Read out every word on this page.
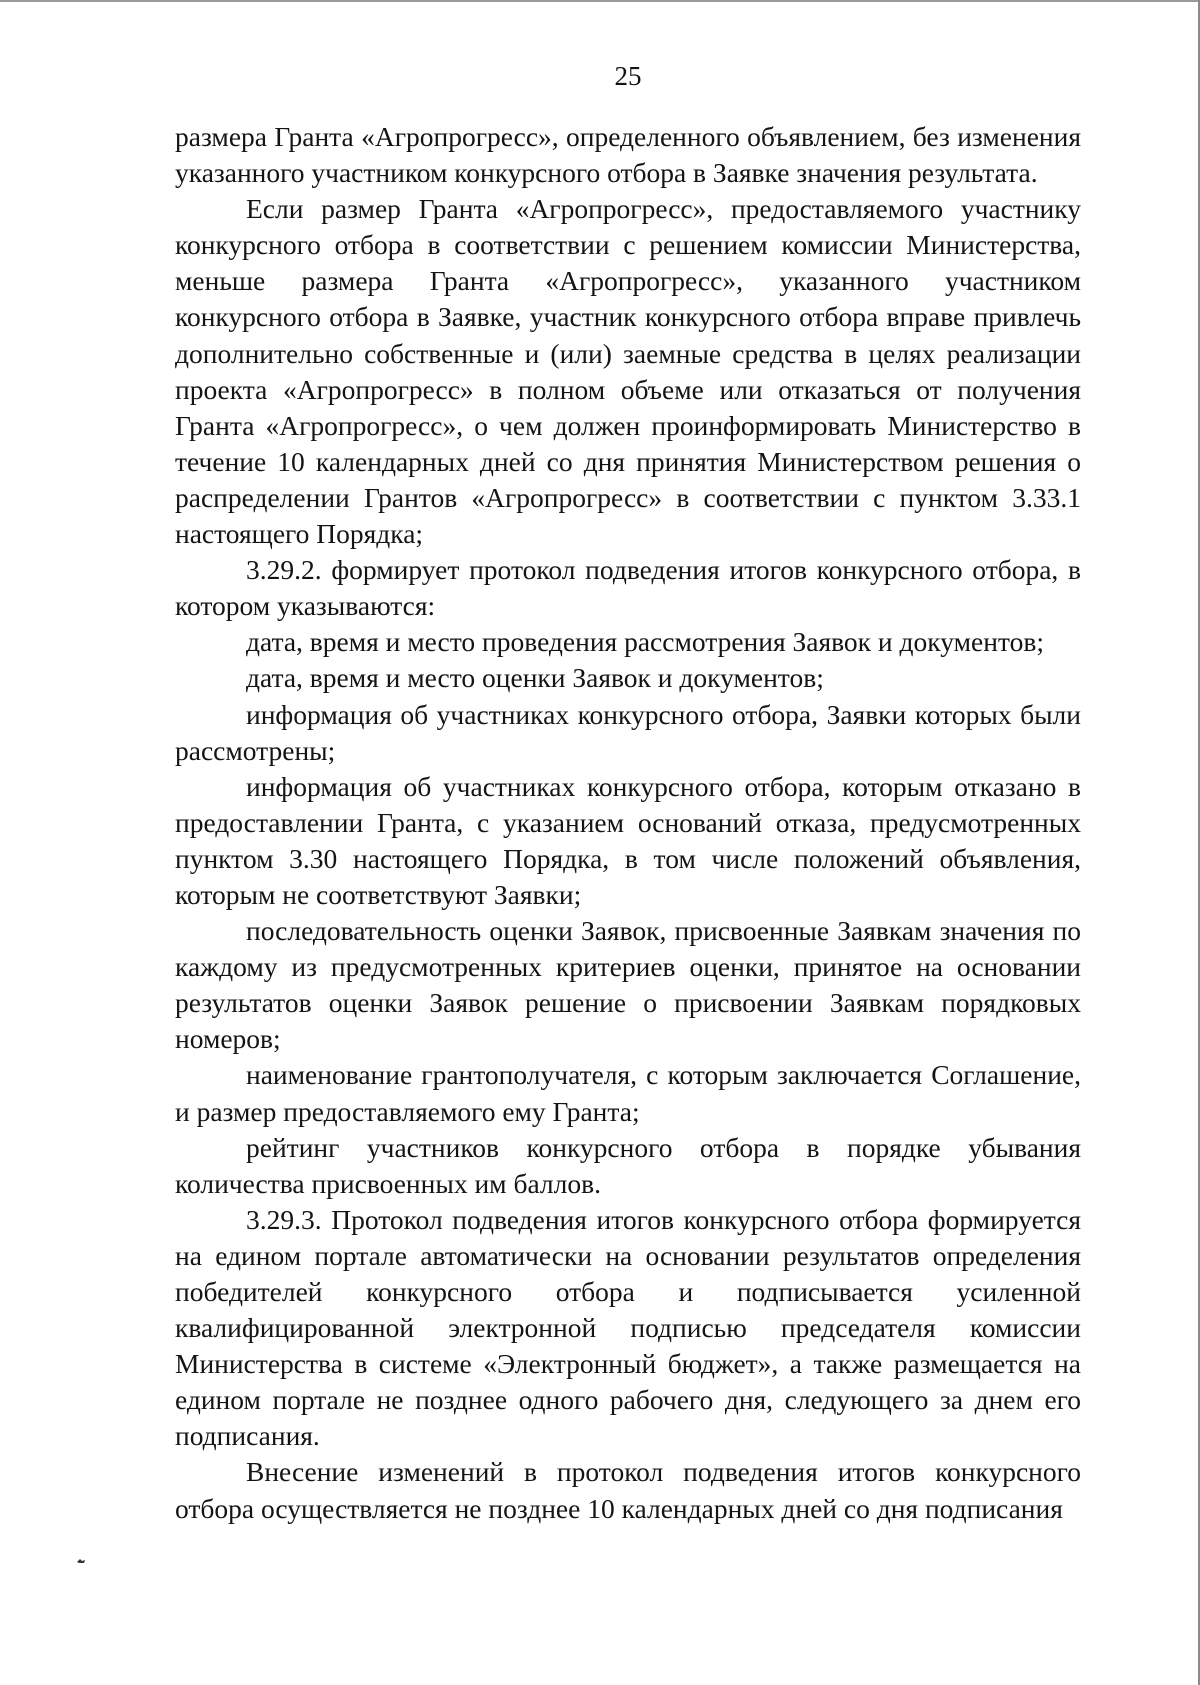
25

размера Гранта «Агропрогресс», определенного объявлением, без изменения указанного участником конкурсного отбора в Заявке значения результата.

Если размер Гранта «Агропрогресс», предоставляемого участнику конкурсного отбора в соответствии с решением комиссии Министерства, меньше размера Гранта «Агропрогресс», указанного участником конкурсного отбора в Заявке, участник конкурсного отбора вправе привлечь дополнительно собственные и (или) заемные средства в целях реализации проекта «Агропрогресс» в полном объеме или отказаться от получения Гранта «Агропрогресс», о чем должен проинформировать Министерство в течение 10 календарных дней со дня принятия Министерством решения о распределении Грантов «Агропрогресс» в соответствии с пунктом 3.33.1 настоящего Порядка;

3.29.2. формирует протокол подведения итогов конкурсного отбора, в котором указываются:

дата, время и место проведения рассмотрения Заявок и документов;

дата, время и место оценки Заявок и документов;

информация об участниках конкурсного отбора, Заявки которых были рассмотрены;

информация об участниках конкурсного отбора, которым отказано в предоставлении Гранта, с указанием оснований отказа, предусмотренных пунктом 3.30 настоящего Порядка, в том числе положений объявления, которым не соответствуют Заявки;

последовательность оценки Заявок, присвоенные Заявкам значения по каждому из предусмотренных критериев оценки, принятое на основании результатов оценки Заявок решение о присвоении Заявкам порядковых номеров;

наименование грантополучателя, с которым заключается Соглашение, и размер предоставляемого ему Гранта;

рейтинг участников конкурсного отбора в порядке убывания количества присвоенных им баллов.

3.29.3. Протокол подведения итогов конкурсного отбора формируется на едином портале автоматически на основании результатов определения победителей конкурсного отбора и подписывается усиленной квалифицированной электронной подписью председателя комиссии Министерства в системе «Электронный бюджет», а также размещается на едином портале не позднее одного рабочего дня, следующего за днем его подписания.

Внесение изменений в протокол подведения итогов конкурсного отбора осуществляется не позднее 10 календарных дней со дня подписания
